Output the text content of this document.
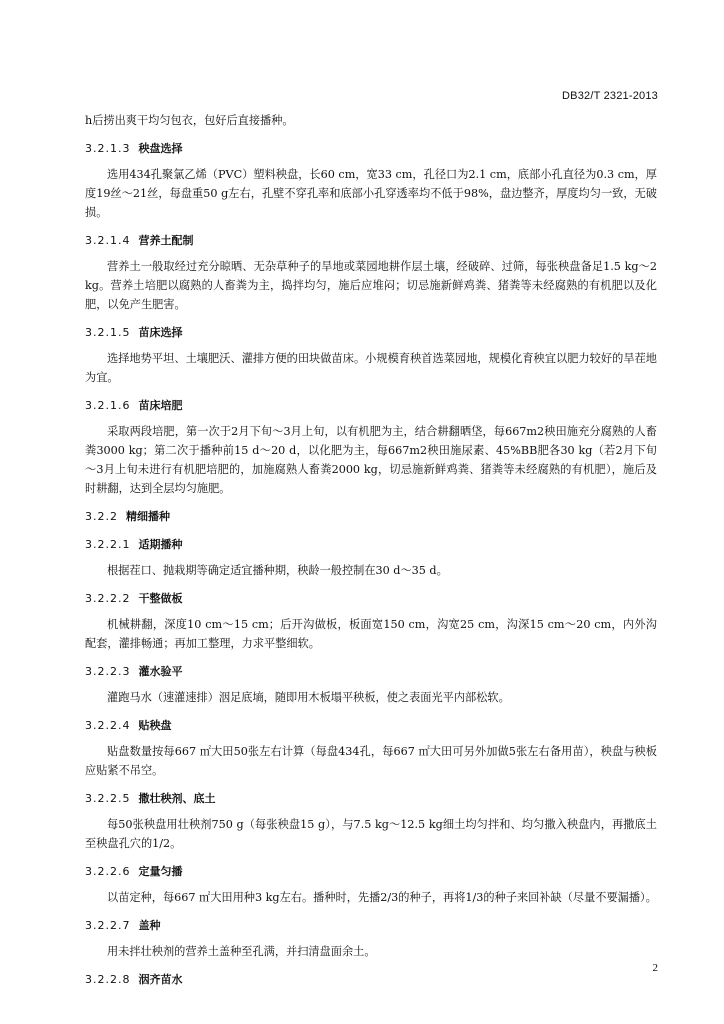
DB32/T 2321-2013

h后捞出爽干均匀包衣，包好后直接播种。

3.2.1.3 秧盘选择

选用434孔聚氯乙烯（PVC）塑料秧盘，长60 cm，宽33 cm，孔径口为2.1 cm，底部小孔直径为0.3 cm，厚度19丝～21丝，每盘重50 g左右，孔壁不穿孔率和底部小孔穿透率均不低于98%，盘边整齐，厚度均匀一致，无破损。

3.2.1.4 营养土配制

营养土一般取经过充分晾晒、无杂草种子的旱地或菜园地耕作层土壤，经破碎、过筛，每张秧盘备足1.5 kg～2 kg。营养土培肥以腐熟的人畜粪为主，捣拌均匀，施后应堆闷；切忌施新鲜鸡粪、猪粪等未经腐熟的有机肥以及化肥，以免产生肥害。

3.2.1.5 苗床选择

选择地势平坦、土壤肥沃、灌排方便的田块做苗床。小规模育秧首选菜园地，规模化育秧宜以肥力较好的旱茬地为宜。

3.2.1.6 苗床培肥

采取两段培肥，第一次于2月下旬～3月上旬，以有机肥为主，结合耕翻晒垡，每667m2秧田施充分腐熟的人畜粪3000 kg；第二次于播种前15 d～20 d，以化肥为主，每667m2秧田施尿素、45%BB肥各30 kg（若2月下旬～3月上旬未进行有机肥培肥的，加施腐熟人畜粪2000 kg，切忌施新鲜鸡粪、猪粪等未经腐熟的有机肥），施后及时耕翻，达到全层均匀施肥。

3.2.2 精细播种
3.2.2.1 适期播种

根据茬口、抛栽期等确定适宜播种期，秧龄一般控制在30 d～35 d。

3.2.2.2 干整做板

机械耕翻，深度10 cm～15 cm；后开沟做板，板面宽150 cm，沟宽25 cm，沟深15 cm～20 cm，内外沟配套，灌排畅通；再加工整理，力求平整细软。

3.2.2.3 灌水验平

灌跑马水（速灌速排）洇足底墒，随即用木板塌平秧板，使之表面光平内部松软。

3.2.2.4 贴秧盘

贴盘数量按每667 ㎡大田50张左右计算（每盘434孔，每667 ㎡大田可另外加做5张左右备用苗），秧盘与秧板应贴紧不吊空。

3.2.2.5 撒壮秧剂、底土

每50张秧盘用壮秧剂750 g（每张秧盘15 g），与7.5 kg～12.5 kg细土均匀拌和、均匀撒入秧盘内，再撒底土至秧盘孔穴的1/2。

3.2.2.6 定量匀播

以苗定种，每667 ㎡大田用种3 kg左右。播种时，先播2/3的种子，再将1/3的种子来回补缺（尽量不要漏播）。

3.2.2.7 盖种

用未拌壮秧剂的营养土盖种至孔满，并扫清盘面余土。

3.2.2.8 洇齐苗水

2
